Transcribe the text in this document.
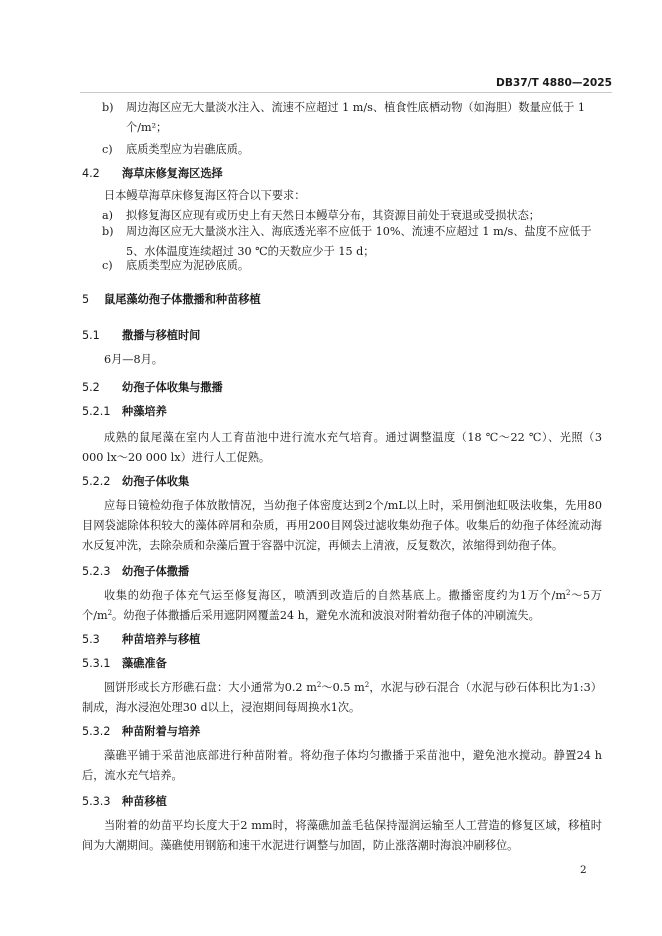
DB37/T 4880—2025
b) 周边海区应无大量淡水注入、流速不应超过 1 m/s、植食性底栖动物（如海胆）数量应低于 1 个/m²；
c) 底质类型应为岩礁底质。
4.2 海草床修复海区选择
日本鳗草海草床修复海区符合以下要求：
a) 拟修复海区应现有或历史上有天然日本鳗草分布，其资源目前处于衰退或受损状态；
b) 周边海区应无大量淡水注入、海底透光率不应低于 10%、流速不应超过 1 m/s、盐度不应低于 5、水体温度连续超过 30 ℃的天数应少于 15 d；
c) 底质类型应为泥砂底质。
5 鼠尾藻幼孢子体撒播和种苗移植
5.1 撒播与移植时间
6月—8月。
5.2 幼孢子体收集与撒播
5.2.1 种藻培养
成熟的鼠尾藻在室内人工育苗池中进行流水充气培育。通过调整温度（18 ℃～22 ℃）、光照（3 000 lx～20 000 lx）进行人工促熟。
5.2.2 幼孢子体收集
应每日镜检幼孢子体放散情况，当幼孢子体密度达到2个/mL以上时，采用倒池虹吸法收集，先用80目网袋滤除体积较大的藻体碎屑和杂质，再用200目网袋过滤收集幼孢子体。收集后的幼孢子体经流动海水反复冲洗，去除杂质和杂藻后置于容器中沉淀，再倾去上清液，反复数次，浓缩得到幼孢子体。
5.2.3 幼孢子体撒播
收集的幼孢子体充气运至修复海区，喷洒到改造后的自然基底上。撒播密度约为1万个$/m^2\sim 5$万个$/m^2$。幼孢子体撒播后采用遮阴网覆盖24 h，避免水流和波浪对附着幼孢子体的冲刷流失。
5.3 种苗培养与移植
5.3.1 藻礁准备
圆饼形或长方形礁石盘：大小通常为0.2 $m^2\sim 0.5$ $m^2$，水泥与砂石混合（水泥与砂石体积比为1:3）制成，海水浸泡处理30 d以上，浸泡期间每周换水1次。
5.3.2 种苗附着与培养
藻礁平铺于采苗池底部进行种苗附着。将幼孢子体均匀撒播于采苗池中，避免池水搅动。静置24 h后，流水充气培养。
5.3.3 种苗移植
当附着的幼苗平均长度大于2 mm时，将藻礁加盖毛毡保持湿润运输至人工营造的修复区域，移植时间为大潮期间。藻礁使用钢筋和速干水泥进行调整与加固，防止涨落潮时海浪冲刷移位。
2
